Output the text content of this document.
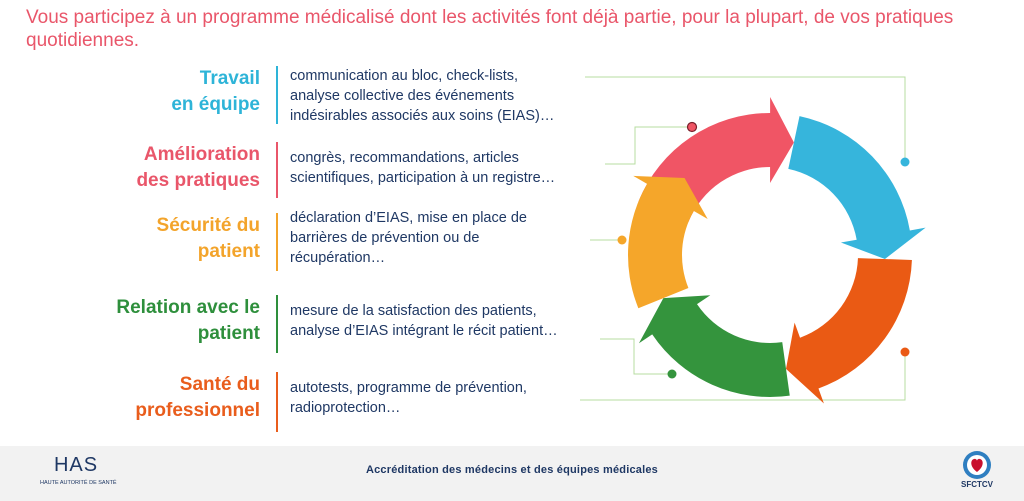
Vous participez à un programme médicalisé dont les activités font déjà partie, pour la plupart, de vos pratiques quotidiennes.
Travail
en équipe
communication au bloc, check-lists,
analyse collective des événements
indésirables associés aux soins (EIAS)…
Amélioration
des pratiques
congrès, recommandations, articles
scientifiques, participation à un registre…
Sécurité du
patient
déclaration d’EIAS, mise en place de
barrières de prévention ou de
récupération…
Relation avec le
patient
mesure de la satisfaction des patients,
analyse d’EIAS intégrant le récit patient…
Santé du
professionnel
autotests, programme de prévention,
radioprotection…
HAS
HAUTE AUTORITÉ DE SANTÉ
Accréditation des médecins et des équipes médicales
SFCTCV
